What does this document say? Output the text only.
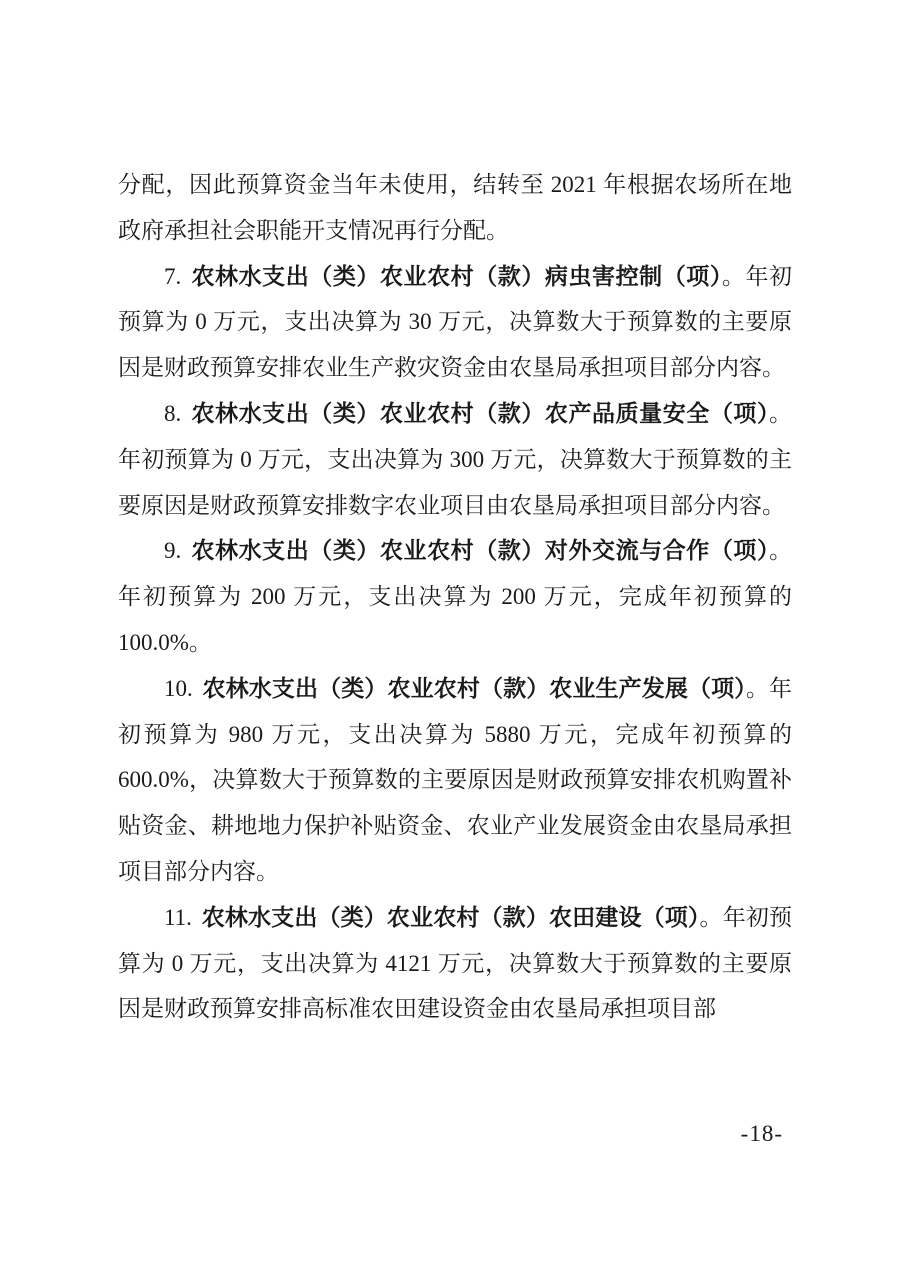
分配，因此预算资金当年未使用，结转至 2021 年根据农场所在地政府承担社会职能开支情况再行分配。

7. 农林水支出（类）农业农村（款）病虫害控制（项）。年初预算为 0 万元，支出决算为 30 万元，决算数大于预算数的主要原因是财政预算安排农业生产救灾资金由农垦局承担项目部分内容。

8. 农林水支出（类）农业农村（款）农产品质量安全（项）。年初预算为 0 万元，支出决算为 300 万元，决算数大于预算数的主要原因是财政预算安排数字农业项目由农垦局承担项目部分内容。

9. 农林水支出（类）农业农村（款）对外交流与合作（项）。年初预算为 200 万元，支出决算为 200 万元，完成年初预算的 100.0%。

10. 农林水支出（类）农业农村（款）农业生产发展（项）。年初预算为 980 万元，支出决算为 5880 万元，完成年初预算的 600.0%，决算数大于预算数的主要原因是财政预算安排农机购置补贴资金、耕地地力保护补贴资金、农业产业发展资金由农垦局承担项目部分内容。

11. 农林水支出（类）农业农村（款）农田建设（项）。年初预算为 0 万元，支出决算为 4121 万元，决算数大于预算数的主要原因是财政预算安排高标准农田建设资金由农垦局承担项目部

-18-
